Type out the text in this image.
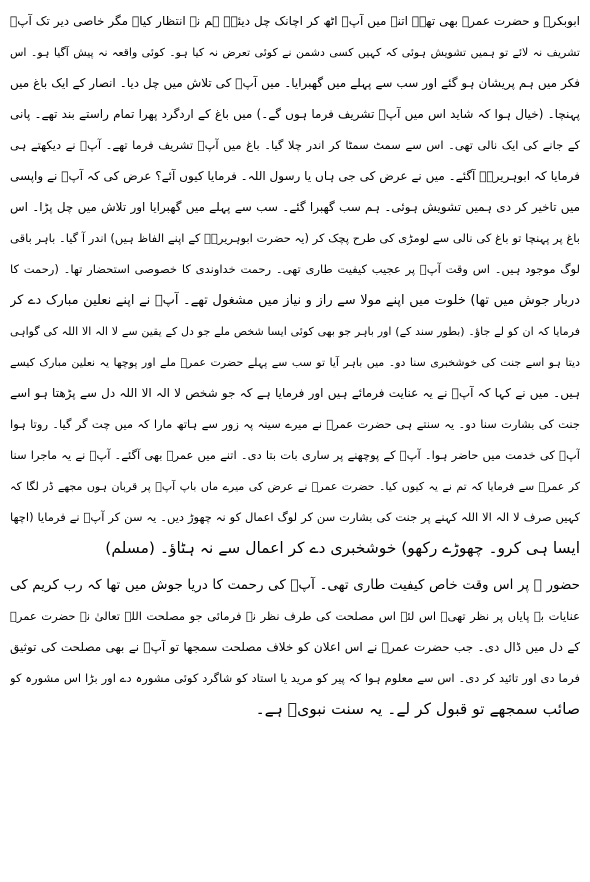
ابوبکرؓ و حضرت عمرؓ بھی تھے۔ اتنے میں آپؐ اٹھ کر اچانک چل دیئے۔ ہم نے انتظار کیا۔ مگر خاصی دیر تک آپؐ
تشریف نہ لائے تو ہمیں تشویش ہوئی کہ کہیں کسی دشمن نے کوئی تعرض نہ کیا ہو۔ کوئی واقعہ نہ پیش آگیا ہو۔ اس
فکر میں ہم پریشان ہو گئے اور سب سے پہلے میں گھبرایا۔ میں آپؐ کی تلاش میں چل دیا۔ انصار کے ایک باغ میں
پہنچا۔ (خیال ہوا کہ شاید اس میں آپؐ تشریف فرما ہوں گے۔) میں باغ کے اردگرد پھرا تمام راستے بند تھے۔ پانی
کے جانے کی ایک نالی تھی۔ اس سے سمٹ سمٹا کر اندر چلا گیا۔ باغ میں آپؐ تشریف فرما تھے۔ آپؐ نے دیکھتے ہی
فرمایا کہ ابوہریرہؓ آگئے۔ میں نے عرض کی جی ہاں یا رسول اللہ۔ فرمایا کیوں آئے؟ عرض کی کہ آپؐ نے واپسی
میں تاخیر کر دی ہمیں تشویش ہوئی۔ ہم سب گھبرا گئے۔ سب سے پہلے میں گھبرایا اور تلاش میں چل پڑا۔ اس
باغ پر پہنچا تو باغ کی نالی سے لومڑی کی طرح پچک کر (یہ حضرت ابوہریرہؓ کے اپنے الفاظ ہیں) اندر آ گیا۔ باہر باقی
لوگ موجود ہیں۔ اس وقت آپؐ پر عجیب کیفیت طاری تھی۔ رحمت خداوندی کا خصوصی استحضار تھا۔ (رحمت کا
دربار جوش میں تھا) خلوت میں اپنے مولا سے راز و نیاز میں مشغول تھے۔ آپؐ نے اپنے نعلین مبارک دے کر
فرمایا کہ ان کو لے جاؤ۔ (بطور سند کے) اور باہر جو بھی کوئی ایسا شخص ملے جو دل کے یقین سے لا الہ الا اللہ کی گواہی
دیتا ہو اسے جنت کی خوشخبری سنا دو۔ میں باہر آیا تو سب سے پہلے حضرت عمرؓ ملے اور پوچھا یہ نعلین مبارک کیسے
ہیں۔ میں نے کہا کہ آپؐ نے یہ عنایت فرمائے ہیں اور فرمایا ہے کہ جو شخص لا الہ الا اللہ دل سے پڑھتا ہو اسے
جنت کی بشارت سنا دو۔ یہ سنتے ہی حضرت عمرؓ نے میرے سینہ پہ زور سے ہاتھ مارا کہ میں چت گر گیا۔ روتا ہوا
آپؐ کی خدمت میں حاضر ہوا۔ آپؐ کے پوچھنے پر ساری بات بتا دی۔ اتنے میں عمرؓ بھی آگئے۔ آپؐ نے یہ ماجرا سنا
کر عمرؓ سے فرمایا کہ تم نے یہ کیوں کیا۔ حضرت عمرؓ نے عرض کی میرے ماں باپ آپؐ پر قربان ہوں مجھے ڈر لگا کہ
کہیں صرف لا الہ الا اللہ کہنے پر جنت کی بشارت سن کر لوگ اعمال کو نہ چھوڑ دیں۔ یہ سن کر آپؐ نے فرمایا (اچھا
ایسا ہی کرو۔ چھوڑے رکھو) خوشخبری دے کر اعمال سے نہ ہٹاؤ۔ (مسلم)
حضور ﷺ پر اس وقت خاص کیفیت طاری تھی۔ آپؐ کی رحمت کا دریا جوش میں تھا کہ رب کریم کی
عنایات بے پایاں پر نظر تھی۔ اس لئے اس مصلحت کی طرف نظر نہ فرمائی جو مصلحت اللہ تعالیٰ نے حضرت عمرؓ
کے دل میں ڈال دی۔ جب حضرت عمرؓ نے اس اعلان کو خلاف مصلحت سمجھا تو آپؐ نے بھی مصلحت کی توثیق
فرما دی اور تائید کر دی۔ اس سے معلوم ہوا کہ پیر کو مرید یا استاد کو شاگرد کوئی مشورہ دے اور بڑا اس مشورہ کو
صائب سمجھے تو قبول کر لے۔ یہ سنت نبویؐ ہے۔
